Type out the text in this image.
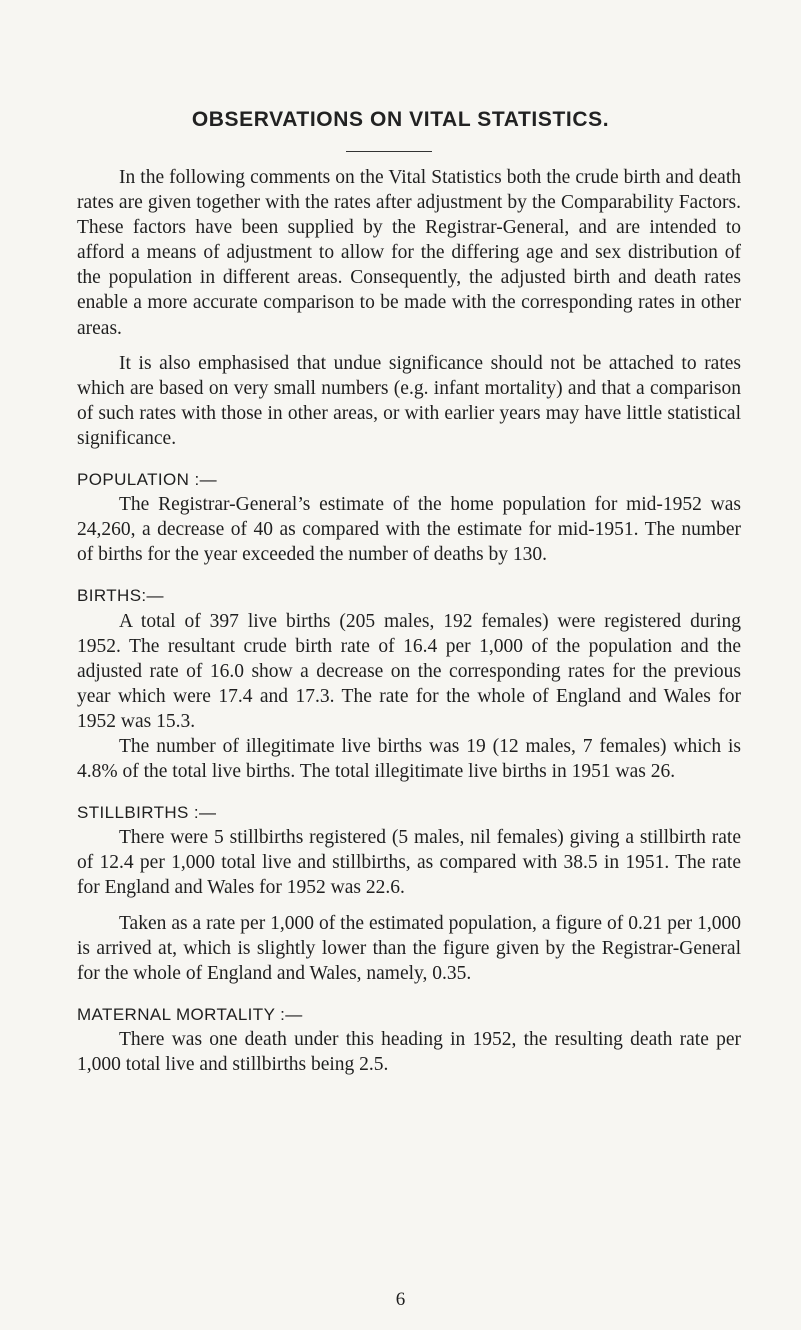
OBSERVATIONS ON VITAL STATISTICS.

In the following comments on the Vital Statistics both the crude birth and death rates are given together with the rates after adjustment by the Comparability Factors. These factors have been supplied by the Registrar-General, and are intended to afford a means of adjustment to allow for the differing age and sex distribution of the population in different areas. Consequently, the adjusted birth and death rates enable a more accurate comparison to be made with the corresponding rates in other areas.

It is also emphasised that undue significance should not be attached to rates which are based on very small numbers (e.g. infant mortality) and that a comparison of such rates with those in other areas, or with earlier years may have little statistical significance.

POPULATION :—

The Registrar-General’s estimate of the home population for mid-1952 was 24,260, a decrease of 40 as compared with the estimate for mid-1951. The number of births for the year exceeded the number of deaths by 130.

BIRTHS:—

A total of 397 live births (205 males, 192 females) were registered during 1952. The resultant crude birth rate of 16.4 per 1,000 of the population and the adjusted rate of 16.0 show a decrease on the corresponding rates for the previous year which were 17.4 and 17.3. The rate for the whole of England and Wales for 1952 was 15.3.

The number of illegitimate live births was 19 (12 males, 7 females) which is 4.8% of the total live births. The total illegitimate live births in 1951 was 26.

STILLBIRTHS :—

There were 5 stillbirths registered (5 males, nil females) giving a stillbirth rate of 12.4 per 1,000 total live and stillbirths, as compared with 38.5 in 1951. The rate for England and Wales for 1952 was 22.6.

Taken as a rate per 1,000 of the estimated population, a figure of 0.21 per 1,000 is arrived at, which is slightly lower than the figure given by the Registrar-General for the whole of England and Wales, namely, 0.35.

MATERNAL MORTALITY :—

There was one death under this heading in 1952, the resulting death rate per 1,000 total live and stillbirths being 2.5.

6
